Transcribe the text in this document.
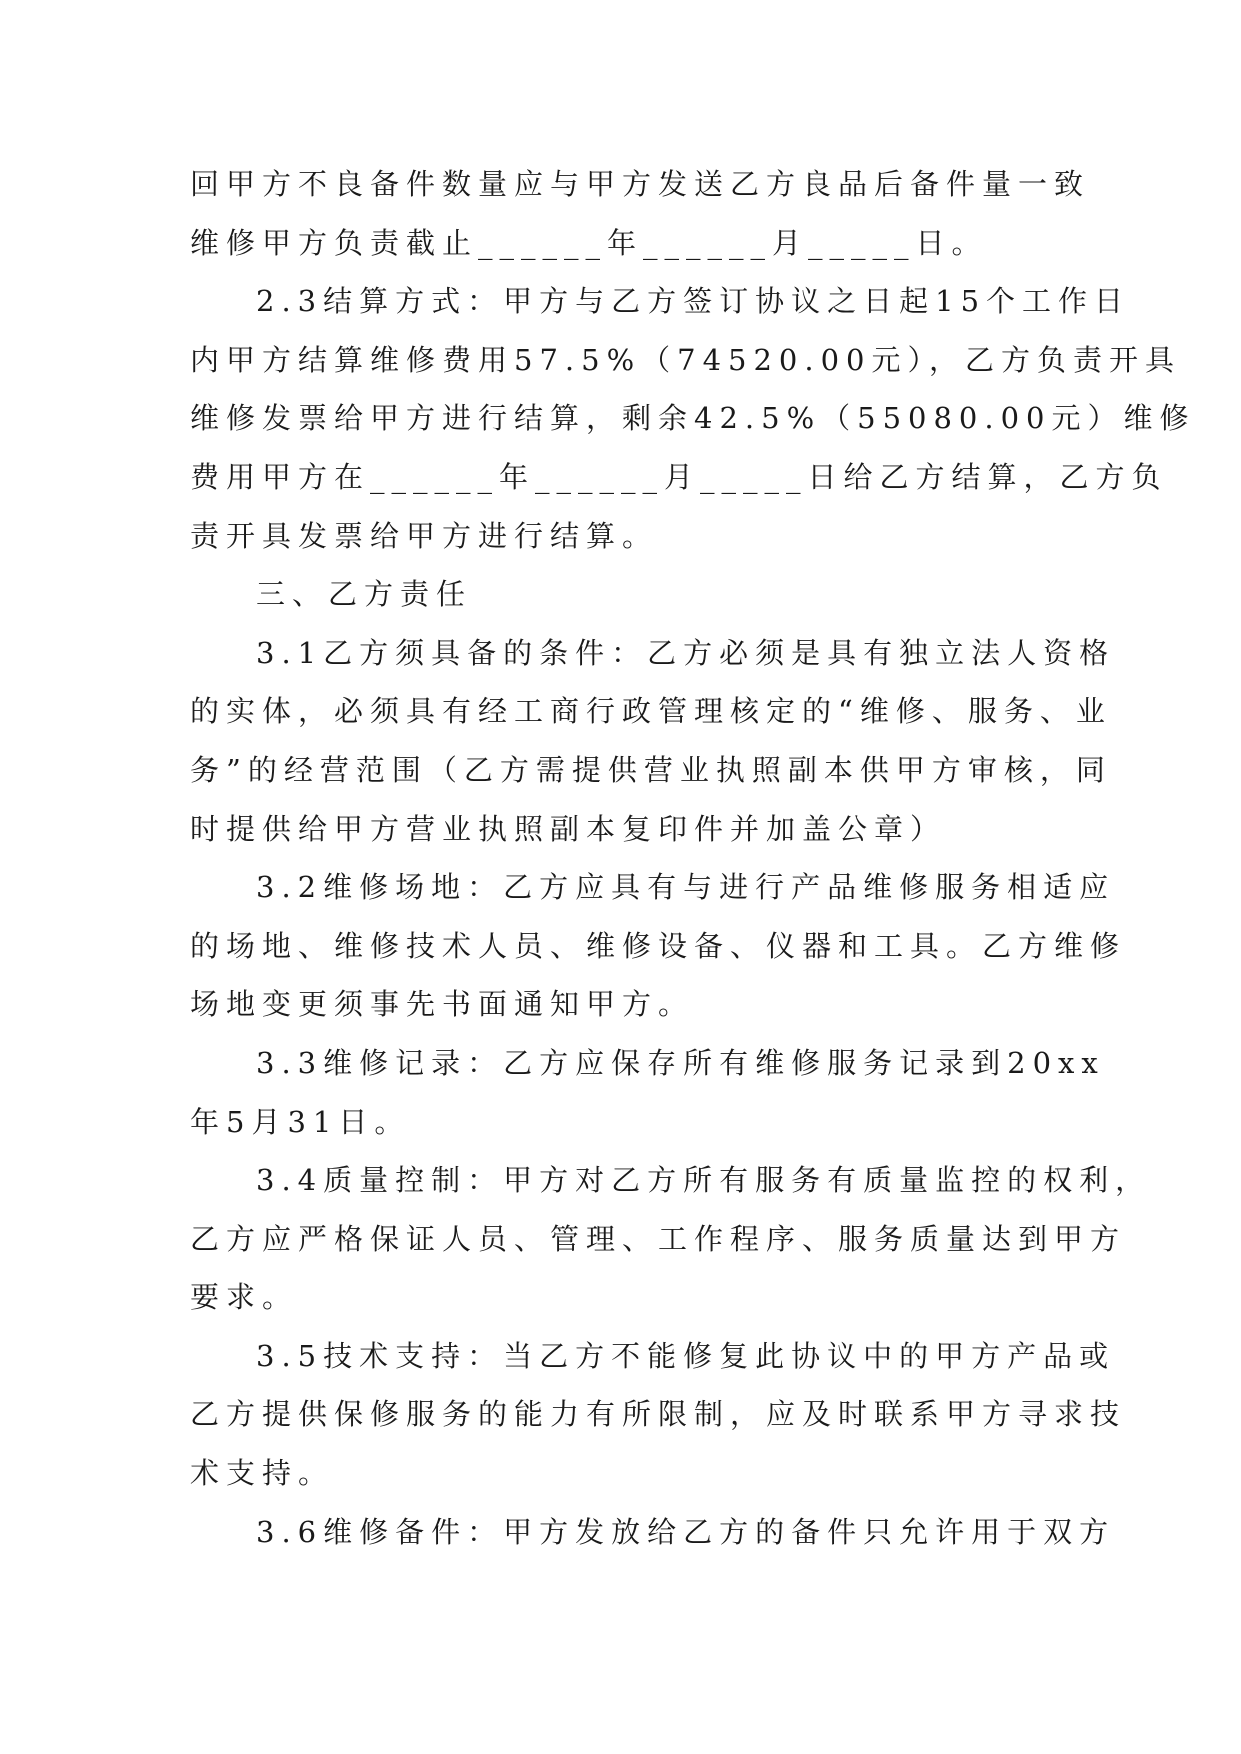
回甲方不良备件数量应与甲方发送乙方良品后备件量一致
维修甲方负责截止______年______月_____日。
2.3结算方式：甲方与乙方签订协议之日起15个工作日
内甲方结算维修费用57.5%（74520.00元），乙方负责开具
维修发票给甲方进行结算，剩余42.5%（55080.00元）维修
费用甲方在______年______月_____日给乙方结算，乙方负
责开具发票给甲方进行结算。
三、乙方责任
3.1乙方须具备的条件：乙方必须是具有独立法人资格
的实体，必须具有经工商行政管理核定的“维修、服务、业
务”的经营范围（乙方需提供营业执照副本供甲方审核，同
时提供给甲方营业执照副本复印件并加盖公章）
3.2维修场地：乙方应具有与进行产品维修服务相适应
的场地、维修技术人员、维修设备、仪器和工具。乙方维修
场地变更须事先书面通知甲方。
3.3维修记录：乙方应保存所有维修服务记录到20xx
年5月31日。
3.4质量控制：甲方对乙方所有服务有质量监控的权利，
乙方应严格保证人员、管理、工作程序、服务质量达到甲方
要求。
3.5技术支持：当乙方不能修复此协议中的甲方产品或
乙方提供保修服务的能力有所限制，应及时联系甲方寻求技
术支持。
3.6维修备件：甲方发放给乙方的备件只允许用于双方
